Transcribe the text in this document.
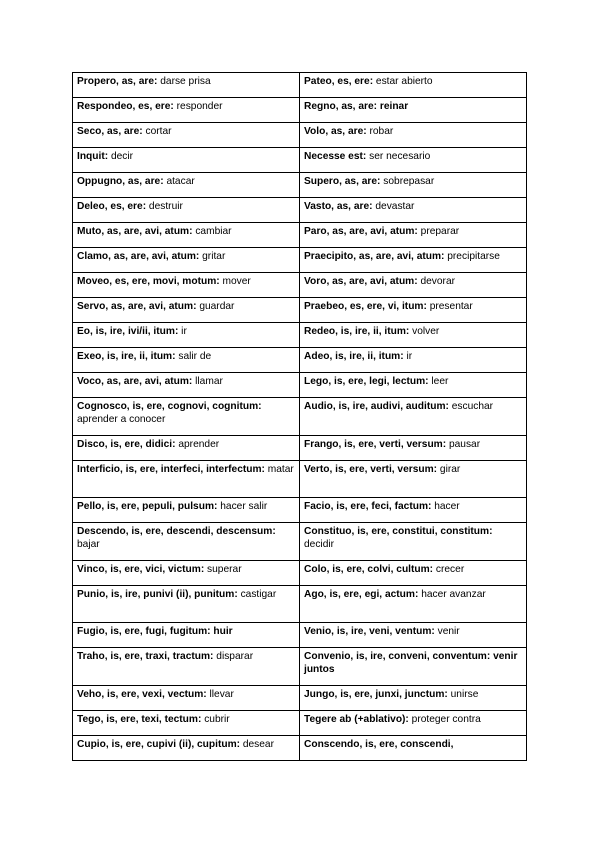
Propero, as, are: darse prisa	Pateo, es, ere: estar abierto
Respondeo, es, ere: responder	Regno, as, are: reinar
Seco, as, are: cortar	Volo, as, are: robar
Inquit: decir	Necesse est: ser necesario
Oppugno, as, are: atacar	Supero, as, are: sobrepasar
Deleo, es, ere: destruir	Vasto, as, are: devastar
Muto, as, are, avi, atum: cambiar	Paro, as, are, avi, atum: preparar
Clamo, as, are, avi, atum: gritar	Praecipito, as, are, avi, atum: precipitarse
Moveo, es, ere, movi, motum: mover	Voro, as, are, avi, atum: devorar
Servo, as, are, avi, atum: guardar	Praebeo, es, ere, vi, itum: presentar
Eo, is, ire, ivi/ii, itum: ir	Redeo, is, ire, ii, itum: volver
Exeo, is, ire, ii, itum: salir de	Adeo, is, ire, ii, itum: ir
Voco, as, are, avi, atum: llamar	Lego, is, ere, legi, lectum: leer
Cognosco, is, ere, cognovi, cognitum: aprender a conocer	Audio, is, ire, audivi, auditum: escuchar
Disco, is, ere, didici: aprender	Frango, is, ere, verti, versum: pausar
Interficio, is, ere, interfeci, interfectum: matar	Verto, is, ere, verti, versum: girar
Pello, is, ere, pepuli, pulsum: hacer salir	Facio, is, ere, feci, factum: hacer
Descendo, is, ere, descendi, descensum: bajar	Constituo, is, ere, constitui, constitum: decidir
Vinco, is, ere, vici, victum: superar	Colo, is, ere, colvi, cultum: crecer
Punio, is, ire, punivi (ii), punitum: castigar	Ago, is, ere, egi, actum: hacer avanzar
Fugio, is, ere, fugi, fugitum: huir	Venio, is, ire, veni, ventum: venir
Traho, is, ere, traxi, tractum: disparar	Convenio, is, ire, conveni, conventum: venir juntos
Veho, is, ere, vexi, vectum: llevar	Jungo, is, ere, junxi, junctum: unirse
Tego, is, ere, texi, tectum: cubrir	Tegere ab (+ablativo): proteger contra
Cupio, is, ere, cupivi (ii), cupitum: desear	Conscendo, is, ere, conscendi,
